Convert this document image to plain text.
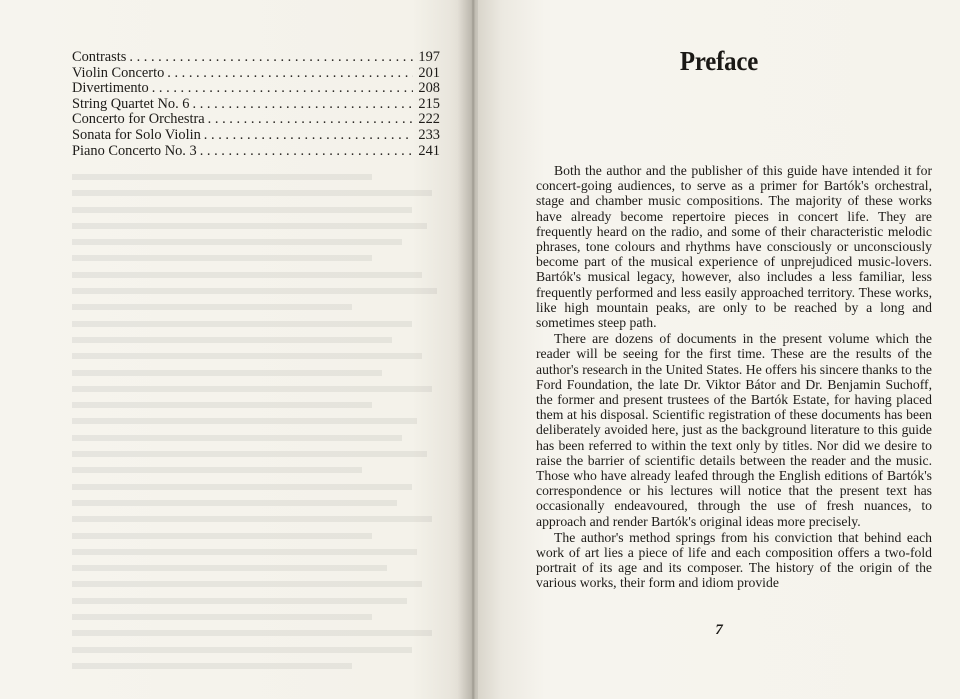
Contrasts . . .	197
Violin Concerto . . .	201
Divertimento . . .	208
String Quartet No. 6 . . .	215
Concerto for Orchestra . . .	222
Sonata for Solo Violin . . .	233
Piano Concerto No. 3 . . .	241
Preface

Both the author and the publisher of this guide have intended it for concert-going audiences, to serve as a primer for Bartók's orchestral, stage and chamber music compositions. The majority of these works have already become repertoire pieces in concert life. They are frequently heard on the radio, and some of their characteristic melodic phrases, tone colours and rhythms have consciously or unconsciously become part of the musical experience of unprejudiced music-lovers. Bartók's musical legacy, however, also includes a less familiar, less frequently performed and less easily approached territory. These works, like high mountain peaks, are only to be reached by a long and sometimes steep path.

There are dozens of documents in the present volume which the reader will be seeing for the first time. These are the results of the author's research in the United States. He offers his sincere thanks to the Ford Foundation, the late Dr. Viktor Bátor and Dr. Benjamin Suchoff, the former and present trustees of the Bartók Estate, for having placed them at his disposal. Scientific registration of these documents has been deliberately avoided here, just as the background literature to this guide has been referred to within the text only by titles. Nor did we desire to raise the barrier of scientific details between the reader and the music. Those who have already leafed through the English editions of Bartók's correspondence or his lectures will notice that the present text has occasionally endeavoured, through the use of fresh nuances, to approach and render Bartók's original ideas more precisely.

The author's method springs from his conviction that behind each work of art lies a piece of life and each composition offers a two-fold portrait of its age and its composer. The history of the origin of the various works, their form and idiom provide

7
